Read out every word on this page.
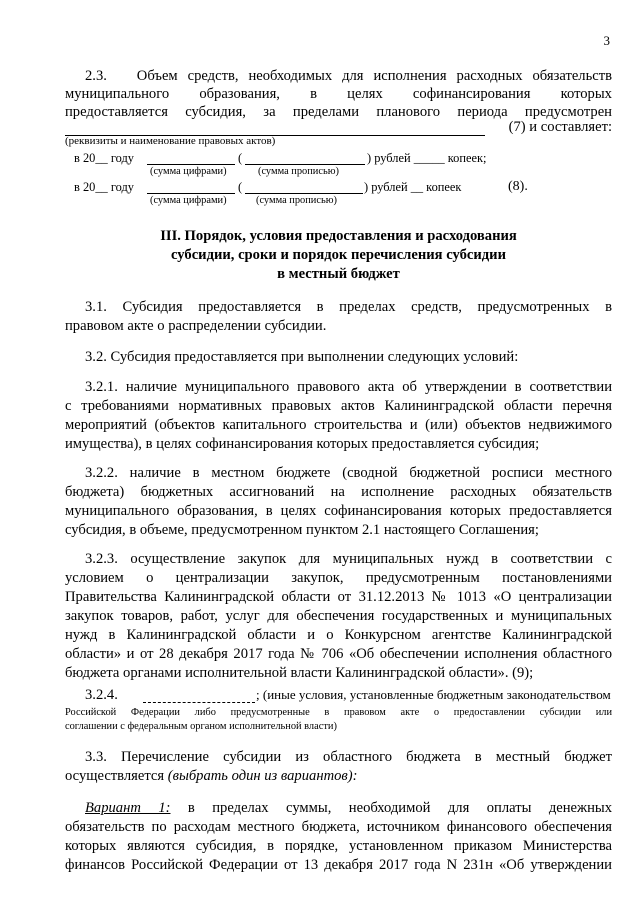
3
2.3. Объем средств, необходимых для исполнения расходных обязательств
муниципального образования, в целях софинансирования которых
предоставляется субсидия, за пределами планового периода предусмотрен
(7) и составляет:
(реквизиты и наименование правовых актов)
в 20__ году	(	) рублей _____ копеек;
(сумма цифрами)	(сумма прописью)
в 20__ году	(	) рублей __ копеек	(8).
(сумма цифрами)	(сумма прописью)
III. Порядок, условия предоставления и расходования
субсидии, сроки и порядок перечисления субсидии
в местный бюджет
3.1. Субсидия предоставляется в пределах средств, предусмотренных в
правовом акте о распределении субсидии.
3.2. Субсидия предоставляется при выполнении следующих условий:
3.2.1. наличие муниципального правового акта об утверждении в соответствии
с требованиями нормативных правовых актов Калининградской области перечня
мероприятий (объектов капитального строительства и (или) объектов недвижимого
имущества), в целях софинансирования которых предоставляется субсидия;
3.2.2. наличие в местном бюджете (сводной бюджетной росписи местного
бюджета) бюджетных ассигнований на исполнение расходных обязательств
муниципального образования, в целях софинансирования которых предоставляется
субсидия, в объеме, предусмотренном пунктом 2.1 настоящего Соглашения;
3.2.3. осуществление закупок для муниципальных нужд в соответствии с
условием о централизации закупок, предусмотренным постановлениями
Правительства Калининградской области от 31.12.2013 № 1013 «О централизации
закупок товаров, работ, услуг для обеспечения государственных и муниципальных
нужд в Калининградской области и о Конкурсном агентстве Калининградской
области» и от 28 декабря 2017 года № 706 «Об обеспечении исполнения областного
бюджета органами исполнительной власти Калининградской области». (9);
3.2.4.	; (иные условия, установленные бюджетным законодательством
Российской Федерации либо предусмотренные в правовом акте о предоставлении субсидии или
соглашении с федеральным органом исполнительной власти)
3.3. Перечисление субсидии из областного бюджета в местный бюджет
осуществляется (выбрать один из вариантов):
Вариант 1: в пределах суммы, необходимой для оплаты денежных
обязательств по расходам местного бюджета, источником финансового обеспечения
которых являются субсидия, в порядке, установленном приказом Министерства
финансов Российской Федерации от 13 декабря 2017 года N 231н «Об утверждении
